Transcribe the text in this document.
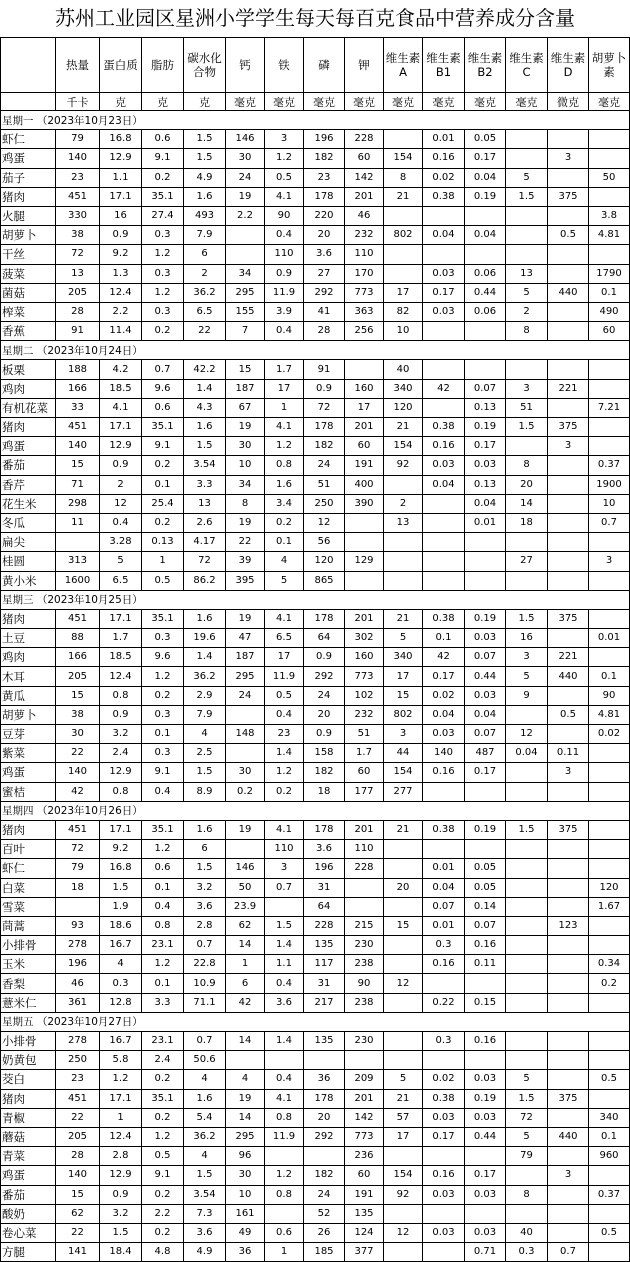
苏州工业园区星洲小学学生每天每百克食品中营养成分含量
	热量	蛋白质	脂肪	碳水化合物	钙	铁	磷	钾	维生素A	维生素B1	维生素B2	维生素C	维生素D	胡萝卜素
	千卡	克	克	克	毫克	毫克	毫克	毫克	毫克	毫克	毫克	毫克	微克	毫克
星期一 （2023年10月23日）														
虾仁	79	16.8	0.6	1.5	146	3	196	228		0.01	0.05			
鸡蛋	140	12.9	9.1	1.5	30	1.2	182	60	154	0.16	0.17		3	
茄子	23	1.1	0.2	4.9	24	0.5	23	142	8	0.02	0.04	5		50
猪肉	451	17.1	35.1	1.6	19	4.1	178	201	21	0.38	0.19	1.5	375	
火腿	330	16	27.4	493	2.2	90	220	46						3.8
胡萝卜	38	0.9	0.3	7.9		0.4	20	232	802	0.04	0.04		0.5	4.81
干丝	72	9.2	1.2	6		110	3.6	110						
菠菜	13	1.3	0.3	2	34	0.9	27	170		0.03	0.06	13		1790
菌菇	205	12.4	1.2	36.2	295	11.9	292	773	17	0.17	0.44	5	440	0.1
榨菜	28	2.2	0.3	6.5	155	3.9	41	363	82	0.03	0.06	2		490
香蕉	91	11.4	0.2	22	7	0.4	28	256	10			8		60
星期二 （2023年10月24日）														
板栗	188	4.2	0.7	42.2	15	1.7	91		40					
鸡肉	166	18.5	9.6	1.4	187	17	0.9	160	340	42	0.07	3	221	
有机花菜	33	4.1	0.6	4.3	67	1	72	17	120		0.13	51		7.21
猪肉	451	17.1	35.1	1.6	19	4.1	178	201	21	0.38	0.19	1.5	375	
鸡蛋	140	12.9	9.1	1.5	30	1.2	182	60	154	0.16	0.17		3	
番茄	15	0.9	0.2	3.54	10	0.8	24	191	92	0.03	0.03	8		0.37
香芹	71	2	0.1	3.3	34	1.6	51	400		0.04	0.13	20		1900
花生米	298	12	25.4	13	8	3.4	250	390	2		0.04	14		10
冬瓜	11	0.4	0.2	2.6	19	0.2	12		13		0.01	18		0.7
扁尖		3.28	0.13	4.17	22	0.1	56							
桂圆	313	5	1	72	39	4	120	129				27		3
黄小米	1600	6.5	0.5	86.2	395	5	865							
星期三 （2023年10月25日）														
猪肉	451	17.1	35.1	1.6	19	4.1	178	201	21	0.38	0.19	1.5	375	
土豆	88	1.7	0.3	19.6	47	6.5	64	302	5	0.1	0.03	16		0.01
鸡肉	166	18.5	9.6	1.4	187	17	0.9	160	340	42	0.07	3	221	
木耳	205	12.4	1.2	36.2	295	11.9	292	773	17	0.17	0.44	5	440	0.1
黄瓜	15	0.8	0.2	2.9	24	0.5	24	102	15	0.02	0.03	9		90
胡萝卜	38	0.9	0.3	7.9		0.4	20	232	802	0.04	0.04		0.5	4.81
豆芽	30	3.2	0.1	4	148	23	0.9	51	3	0.03	0.07	12		0.02
紫菜	22	2.4	0.3	2.5		1.4	158	1.7	44	140	487	0.04	0.11	
鸡蛋	140	12.9	9.1	1.5	30	1.2	182	60	154	0.16	0.17		3	
蜜桔	42	0.8	0.4	8.9	0.2	0.2	18	177	277					
星期四 （2023年10月26日）														
猪肉	451	17.1	35.1	1.6	19	4.1	178	201	21	0.38	0.19	1.5	375	
百叶	72	9.2	1.2	6		110	3.6	110						
虾仁	79	16.8	0.6	1.5	146	3	196	228		0.01	0.05			
白菜	18	1.5	0.1	3.2	50	0.7	31		20	0.04	0.05			120
雪菜		1.9	0.4	3.6	23.9		64			0.07	0.14			1.67
茼蒿	93	18.6	0.8	2.8	62	1.5	228	215	15	0.01	0.07		123	
小排骨	278	16.7	23.1	0.7	14	1.4	135	230		0.3	0.16			
玉米	196	4	1.2	22.8	1	1.1	117	238		0.16	0.11			0.34
香梨	46	0.3	0.1	10.9	6	0.4	31	90	12					0.2
薏米仁	361	12.8	3.3	71.1	42	3.6	217	238		0.22	0.15			
星期五 （2023年10月27日）														
小排骨	278	16.7	23.1	0.7	14	1.4	135	230		0.3	0.16			
奶黄包	250	5.8	2.4	50.6										
茭白	23	1.2	0.2	4	4	0.4	36	209	5	0.02	0.03	5		0.5
猪肉	451	17.1	35.1	1.6	19	4.1	178	201	21	0.38	0.19	1.5	375	
青椒	22	1	0.2	5.4	14	0.8	20	142	57	0.03	0.03	72		340
蘑菇	205	12.4	1.2	36.2	295	11.9	292	773	17	0.17	0.44	5	440	0.1
青菜	28	2.8	0.5	4	96			236				79		960
鸡蛋	140	12.9	9.1	1.5	30	1.2	182	60	154	0.16	0.17		3	
番茄	15	0.9	0.2	3.54	10	0.8	24	191	92	0.03	0.03	8		0.37
酸奶	62	3.2	2.2	7.3	161		52	135						
卷心菜	22	1.5	0.2	3.6	49	0.6	26	124	12	0.03	0.03	40		0.5
方腿	141	18.4	4.8	4.9	36	1	185	377			0.71	0.3	0.7	
